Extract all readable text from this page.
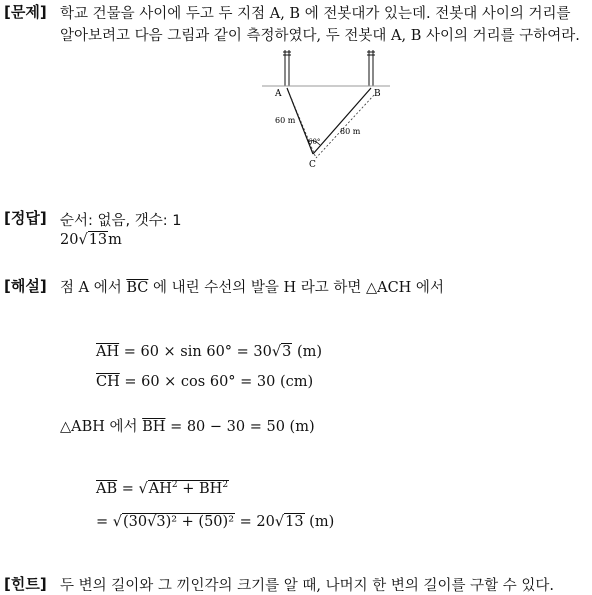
[문제] 학교 건물을 사이에 두고 두 지점 A, B 에 전봇대가 있는데. 전봇대 사이의 거리를
알아보려고 다음 그림과 같이 측정하였다, 두 전봇대 A, B 사이의 거리를 구하여라.
A	B
C
60 m
80 m
60°
[정답] 순서: 없음, 갯수: 1
20√13m
[해설] 점 A 에서 $\overline{BC}$ 에 내린 수선의 발을 H 라고 하면 △ACH 에서
$\overline{AH} = 60 \times \sin 60^\circ = 30√3$ (m)
$\overline{CH} = 60 \times \cos 60^\circ = 30$ (cm)
△ABH 에서 $\overline{BH} = 80 - 30 = 50$ (m)
$\overline{AB} = √AH^2 + \overline{BH}^2$
= √(30√3)² + (50)² = 20√13 (m)
[힌트] 두 변의 길이와 그 끼인각의 크기를 알 때, 나머지 한 변의 길이를 구할 수 있다.
